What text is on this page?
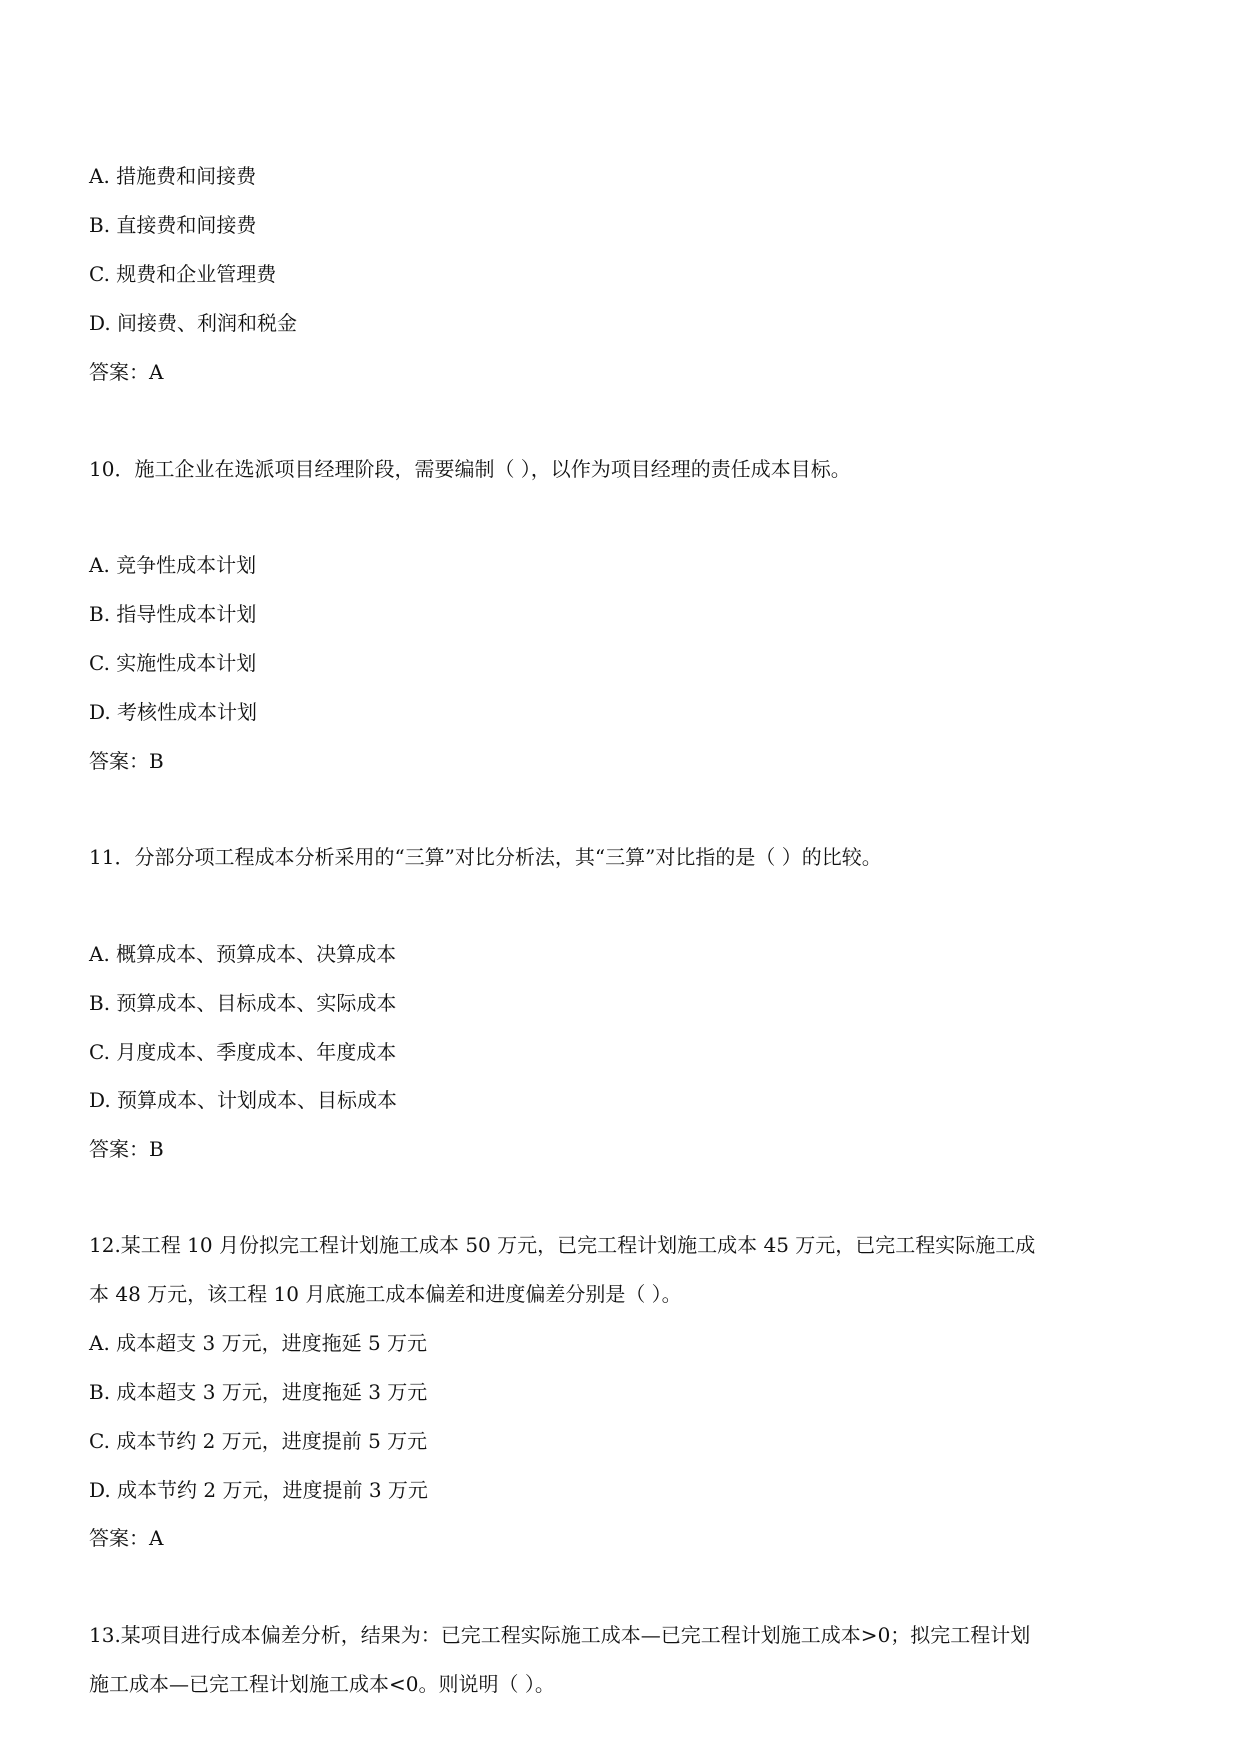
A. 措施费和间接费
B. 直接费和间接费
C. 规费和企业管理费
D. 间接费、利润和税金
答案：A
10．施工企业在选派项目经理阶段，需要编制（ ），以作为项目经理的责任成本目标。
A. 竞争性成本计划
B. 指导性成本计划
C. 实施性成本计划
D. 考核性成本计划
答案：B
11．分部分项工程成本分析采用的“三算”对比分析法，其“三算”对比指的是（ ）的比较。
A. 概算成本、预算成本、决算成本
B. 预算成本、目标成本、实际成本
C. 月度成本、季度成本、年度成本
D. 预算成本、计划成本、目标成本
答案：B
12.某工程 10 月份拟完工程计划施工成本 50 万元，已完工程计划施工成本 45 万元，已完工程实际施工成
本 48 万元，该工程 10 月底施工成本偏差和进度偏差分别是（ ）。
A. 成本超支 3 万元，进度拖延 5 万元
B. 成本超支 3 万元，进度拖延 3 万元
C. 成本节约 2 万元，进度提前 5 万元
D. 成本节约 2 万元，进度提前 3 万元
答案：A
13.某项目进行成本偏差分析，结果为：已完工程实际施工成本—已完工程计划施工成本>0；拟完工程计划
施工成本—已完工程计划施工成本<0。则说明（ ）。
